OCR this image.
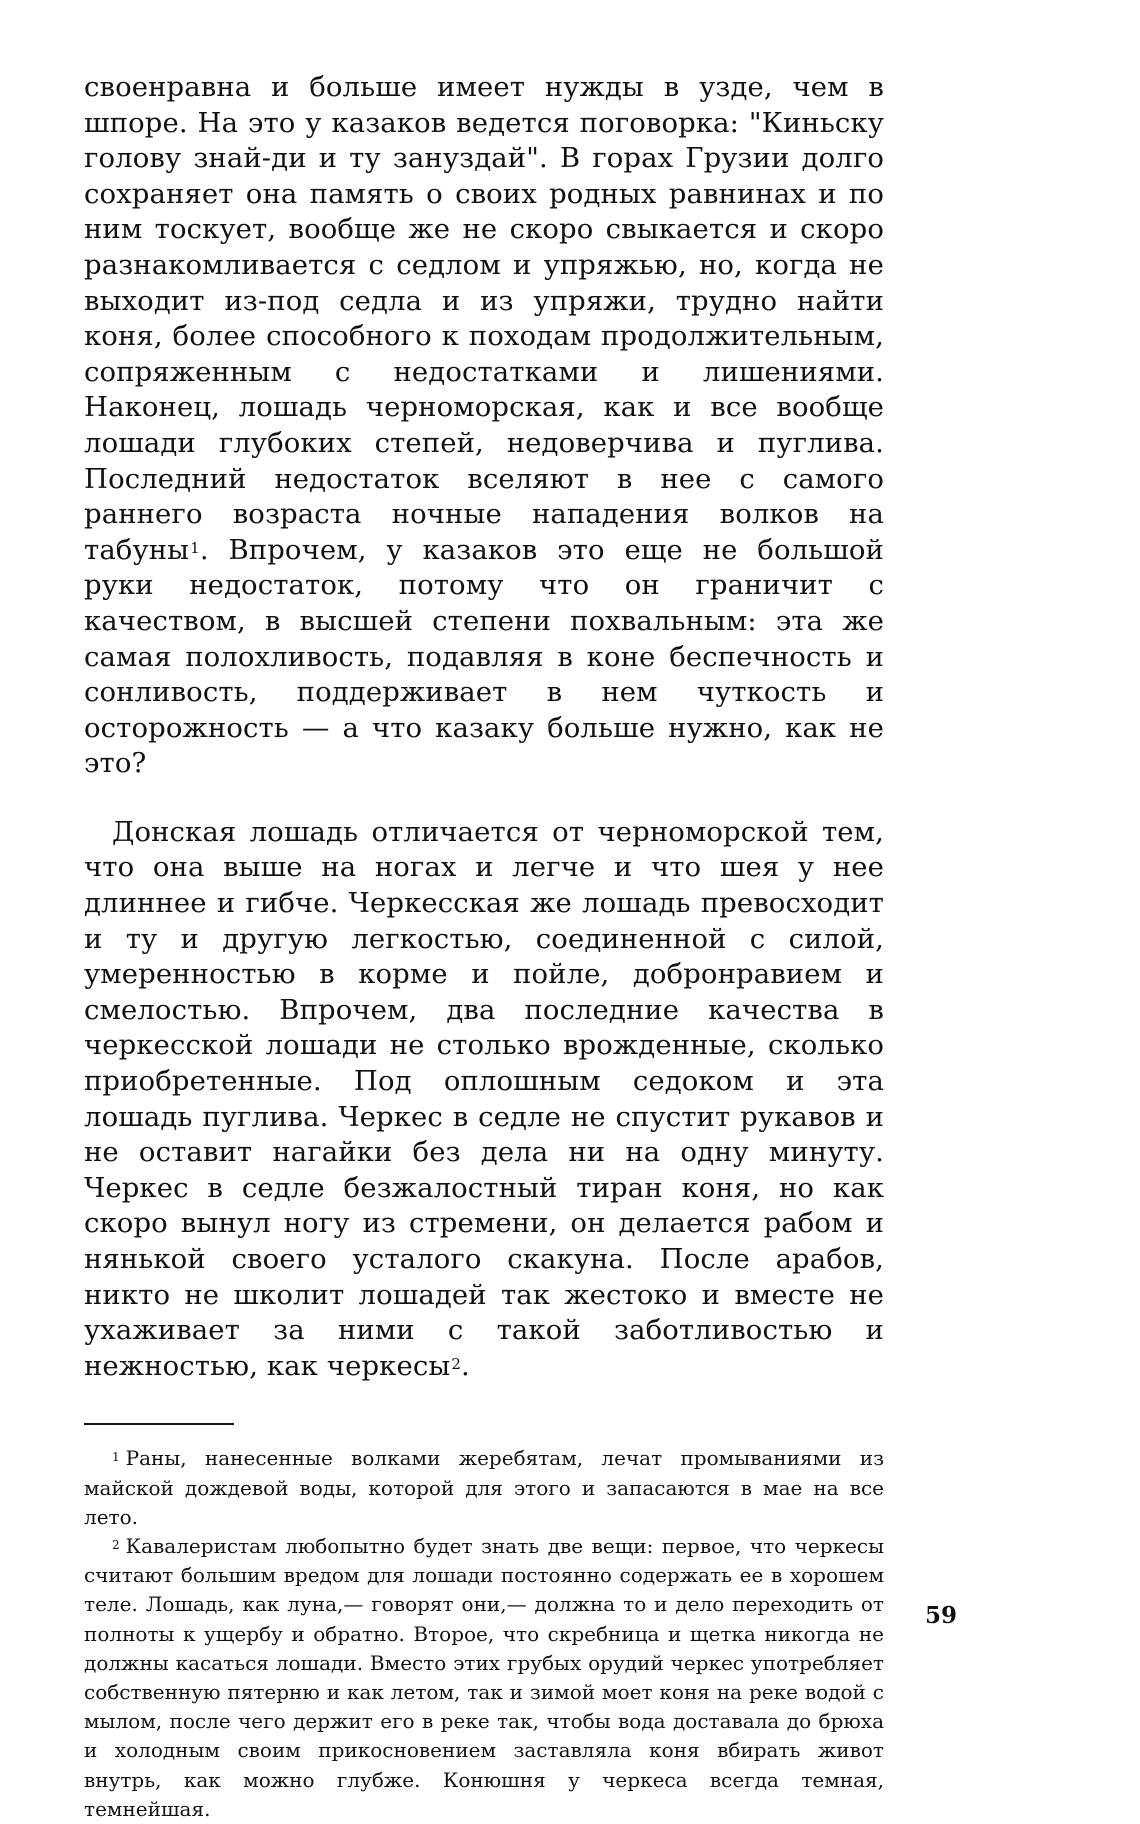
своенравна и больше имеет нужды в узде, чем в шпоре. На это у казаков ведется поговорка: "Киньску голову знай-ди и ту зануздай". В горах Грузии долго сохраняет она память о своих родных равнинах и по ним тоскует, вообще же не скоро свыкается и скоро разнакомливается с седлом и упряжью, но, когда не выходит из-под седла и из упряжи, трудно найти коня, более способного к походам продолжительным, сопряженным с недостатками и лишениями. Наконец, лошадь черноморская, как и все вообще лошади глубоких степей, недоверчива и пуглива. Последний недостаток вселяют в нее с самого раннего возраста ночные нападения волков на табуны$^1$. Впрочем, у казаков это еще не большой руки недостаток, потому что он граничит с качеством, в высшей степени похвальным: эта же самая полохливость, подавляя в коне беспечность и сонливость, поддерживает в нем чуткость и осторожность — а что казаку больше нужно, как не это?

Донская лошадь отличается от черноморской тем, что она выше на ногах и легче и что шея у нее длиннее и гибче. Черкесская же лошадь превосходит и ту и другую легкостью, соединенной с силой, умеренностью в корме и пойле, добронравием и смелостью. Впрочем, два последние качества в черкесской лошади не столько врожденные, сколько приобретенные. Под оплошным седоком и эта лошадь пуглива. Черкес в седле не спустит рукавов и не оставит нагайки без дела ни на одну минуту. Черкес в седле безжалостный тиран коня, но как скоро вынул ногу из стремени, он делается рабом и нянькой своего усталого скакуна. После арабов, никто не школит лошадей так жестоко и вместе не ухаживает за ними с такой заботливостью и нежностью, как черкесы$^2$.

$^1$ Раны, нанесенные волками жеребятам, лечат промываниями из майской дождевой воды, которой для этого и запасаются в мае на все лето.

$^2$ Кавалеристам любопытно будет знать две вещи: первое, что черкесы считают большим вредом для лошади постоянно содержать ее в хорошем теле. Лошадь, как луна,— говорят они,— должна то и дело переходить от полноты к ущербу и обратно. Второе, что скребница и щетка никогда не должны касаться лошади. Вместо этих грубых орудий черкес употребляет собственную пятерню и как летом, так и зимой моет коня на реке водой с мылом, после чего держит его в реке так, чтобы вода доставала до брюха и холодным своим прикосновением заставляла коня вбирать живот внутрь, как можно глубже. Конюшня у черкеса всегда темная, темнейшая.

59
